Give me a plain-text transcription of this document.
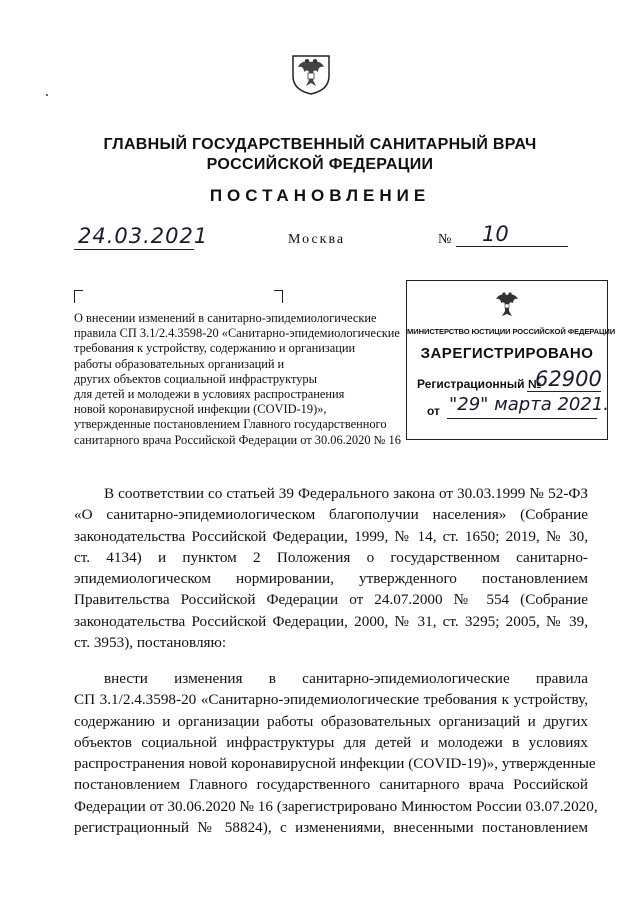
ГЛАВНЫЙ ГОСУДАРСТВЕННЫЙ САНИТАРНЫЙ ВРАЧ
РОССИЙСКОЙ ФЕДЕРАЦИИ
ПОСТАНОВЛЕНИЕ
24.03.2021	Москва	№ 10
О внесении изменений в санитарно-эпидемиологические
правила СП 3.1/2.4.3598-20 «Санитарно-эпидемиологические
требования к устройству, содержанию и организации
работы образовательных организаций и
других объектов социальной инфраструктуры
для детей и молодежи в условиях распространения
новой коронавирусной инфекции (COVID-19)»,
утвержденные постановлением Главного государственного
санитарного врача Российской Федерации от 30.06.2020 № 16
МИНИСТЕРСТВО ЮСТИЦИИ РОССИЙСКОЙ ФЕДЕРАЦИИ
ЗАРЕГИСТРИРОВАНО
Регистрационный №
62900
от "29" марта 2021.
В соответствии со статьей 39 Федерального закона от 30.03.1999 № 52-ФЗ
«О санитарно-эпидемиологическом благополучии населения» (Собрание
законодательства Российской Федерации, 1999, № 14, ст. 1650; 2019, № 30,
ст. 4134) и пунктом 2 Положения о государственном санитарно-
эпидемиологическом нормировании, утвержденного постановлением
Правительства Российской Федерации от 24.07.2000 № 554 (Собрание
законодательства Российской Федерации, 2000, № 31, ст. 3295; 2005, № 39,
ст. 3953), постановляю:
внести изменения в санитарно-эпидемиологические правила
СП 3.1/2.4.3598-20 «Санитарно-эпидемиологические требования к устройству,
содержанию и организации работы образовательных организаций и других
объектов социальной инфраструктуры для детей и молодежи в условиях
распространения новой коронавирусной инфекции (COVID-19)», утвержденные
постановлением Главного государственного санитарного врача Российской
Федерации от 30.06.2020 № 16 (зарегистрировано Минюстом России 03.07.2020,
регистрационный № 58824), с изменениями, внесенными постановлением
